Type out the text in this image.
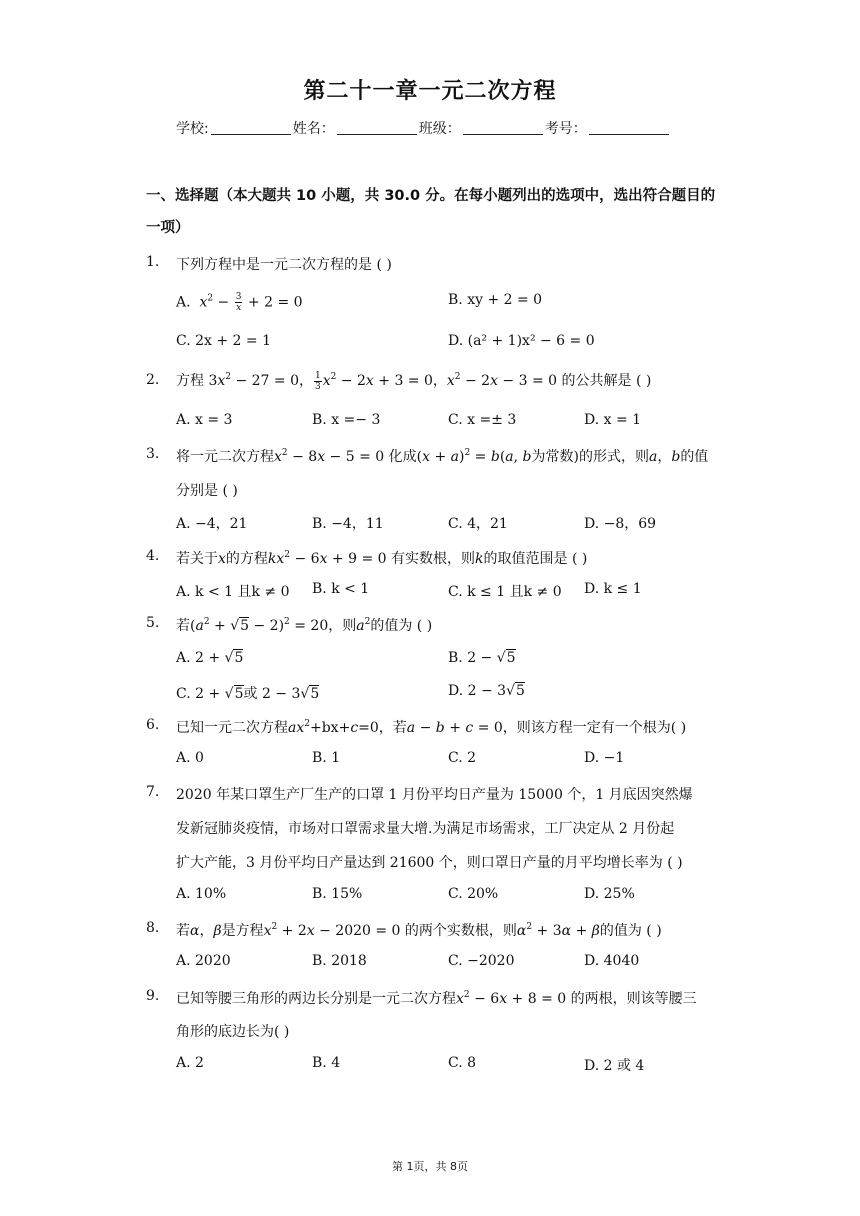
第二十一章一元二次方程
学校:	姓名：	班级：	考号：
一、选择题（本大题共 10 小题，共 30.0 分。在每小题列出的选项中，选出符合题目的
一项）
1. 下列方程中是一元二次方程的是 ( )
A. $x^2 - \frac{3}{x} + 2 = 0$	B. xy + 2 = 0
C. 2x + 2 = 1	D. (a² + 1)x² − 6 = 0
2. 方程 $3x^2 - 27 = 0$， $\frac{1}{3} x^2 - 2x + 3 = 0$，$x^2 - 2x - 3 = 0$ 的公共解是 ( )
A. x = 3	B. x =− 3	C. x =± 3	D. x = 1
3. 将一元二次方程$x^2 - 8x - 5 = 0$ 化成$(x + a)^2 = b(a$, b为常数)的形式，则a，b的值
分别是 ( )
A. −4，21	B. −4，11	C. 4，21	D. −8，69
4. 若关于x的方程$kx^2 - 6x + 9 = 0$ 有实数根，则k的取值范围是 ( )
A. k < 1 且k ≠ 0 B. k < 1	C. k ≤ 1 且k ≠ 0 D. k ≤ 1
5. 若$(a^2 + √5 - 2)^2 = 20$，则$a^2$的值为 ( )
A. 2 + √5	B. 2 − √5
C. 2 + √5或 2 − 3√5	D. 2 − 3√5
6. 已知一元二次方程$ax^2+bx+c=0$，若a − b + c = 0，则该方程一定有一个根为( )
A. 0	B. 1	C. 2	D. −1
7. 2020 年某口罩生产厂生产的口罩 1 月份平均日产量为 15000 个，1 月底因突然爆
发新冠肺炎疫情，市场对口罩需求量大增.为满足市场需求，工厂决定从 2 月份起
扩大产能，3 月份平均日产量达到 21600 个，则口罩日产量的月平均增长率为 ( )
A. 10%	B. 15%	C. 20%	D. 25%
8. 若α，β是方程$x^2 + 2x - 2020 = 0$ 的两个实数根，则$\alpha^2 + 3\alpha + \beta$的值为 ( )
A. 2020	B. 2018	C. −2020	D. 4040
9. 已知等腰三角形的两边长分别是一元二次方程$x^2 - 6x + 8 = 0$ 的两根，则该等腰三
角形的底边长为( )
A. 2	B. 4	C. 8	D. 2 或 4
第 1页，共 8页
